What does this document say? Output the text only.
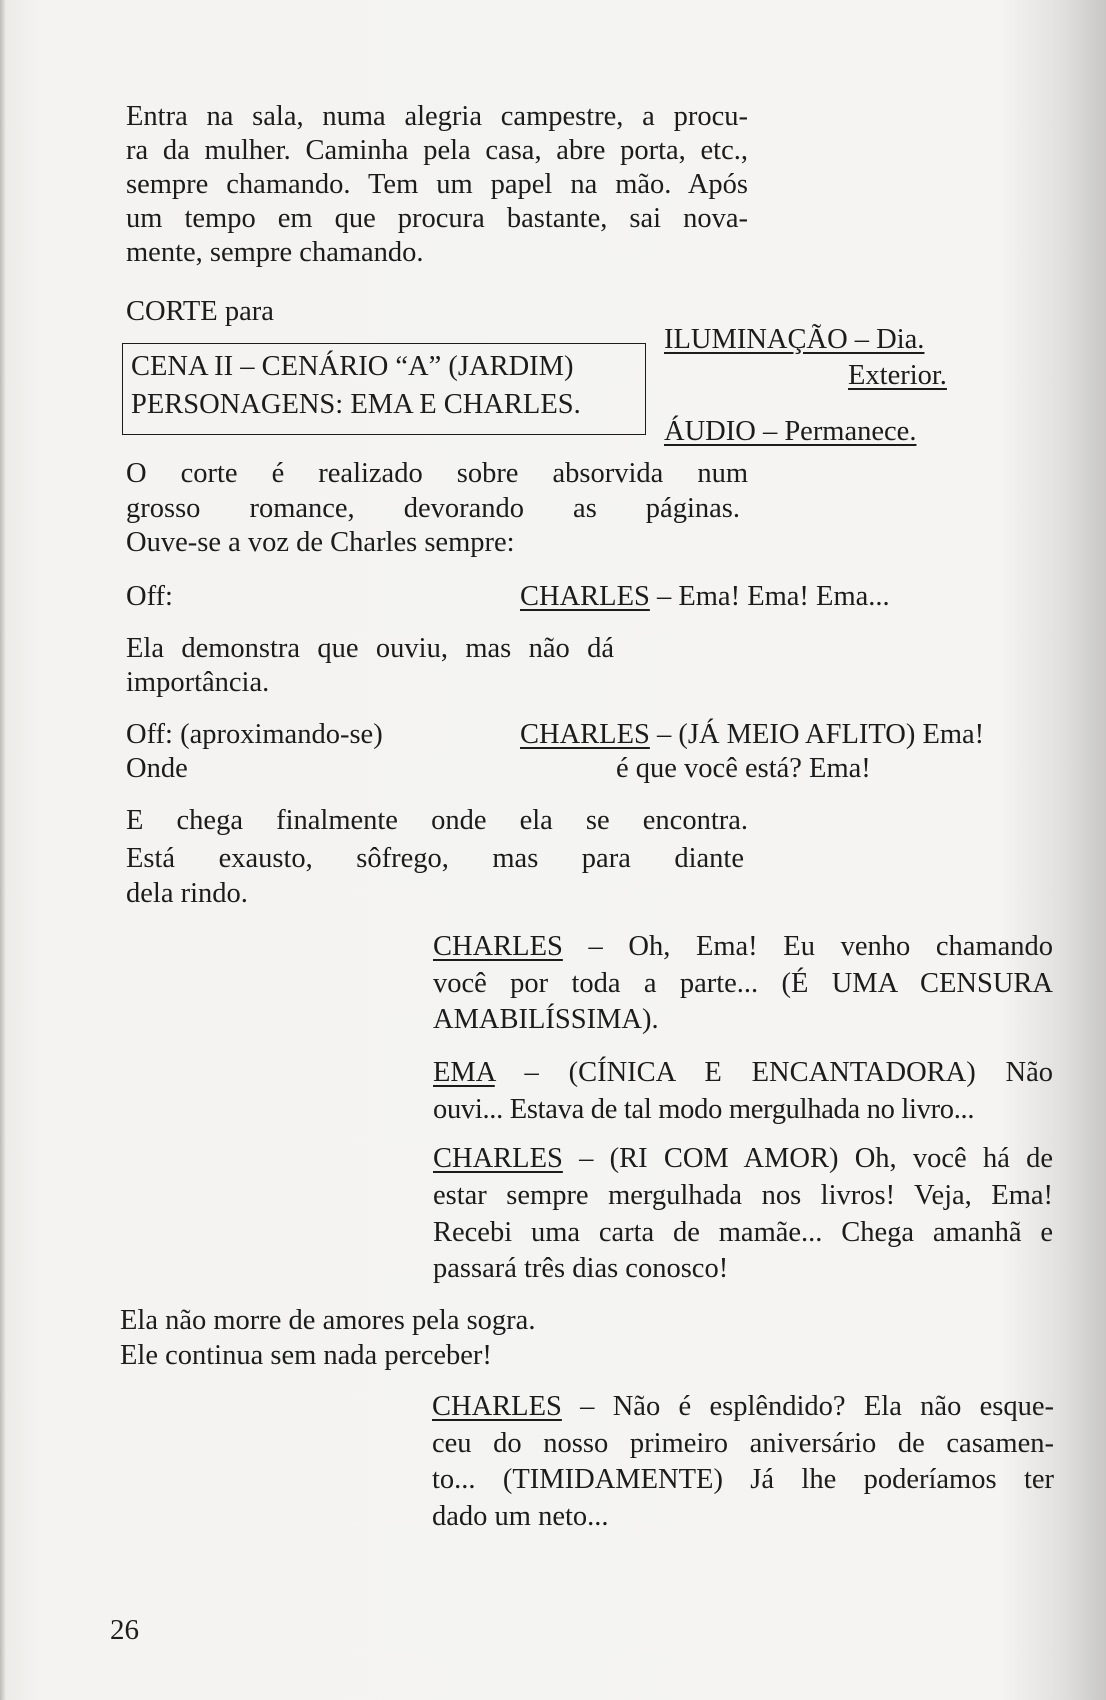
Entra na sala, numa alegria campestre, a procu-

ra da mulher. Caminha pela casa, abre porta, etc.,

sempre chamando. Tem um papel na mão. Após

um tempo em que procura bastante, sai nova-

mente, sempre chamando.

CORTE para

CENA II – CENÁRIO “A” (JARDIM)
PERSONAGENS: EMA E CHARLES.

ILUMINAÇÃO – Dia.

Exterior.

ÁUDIO – Permanece.

O corte é realizado sobre absorvida num

grosso romance, devorando as páginas.

Ouve-se a voz de Charles sempre:

Off:	CHARLES – Ema! Ema! Ema...

Ela demonstra que ouviu, mas não dá

importância.

Off: (aproximando-se)	CHARLES – (JÁ MEIO AFLITO) Ema!

Onde	é que você está? Ema!

E chega finalmente onde ela se encontra.

Está exausto, sôfrego, mas para diante

dela rindo.

CHARLES – Oh, Ema! Eu venho chamando

você por toda a parte... (É UMA CENSURA

AMABILÍSSIMA).

EMA – (CÍNICA E ENCANTADORA) Não

ouvi... Estava de tal modo mergulhada no livro...

CHARLES – (RI COM AMOR) Oh, você há de

estar sempre mergulhada nos livros! Veja, Ema!

Recebi uma carta de mamãe... Chega amanhã e

passará três dias conosco!

Ela não morre de amores pela sogra.

Ele continua sem nada perceber!

CHARLES – Não é esplêndido? Ela não esque-

ceu do nosso primeiro aniversário de casamen-

to... (TIMIDAMENTE) Já lhe poderíamos ter

dado um neto...

26
